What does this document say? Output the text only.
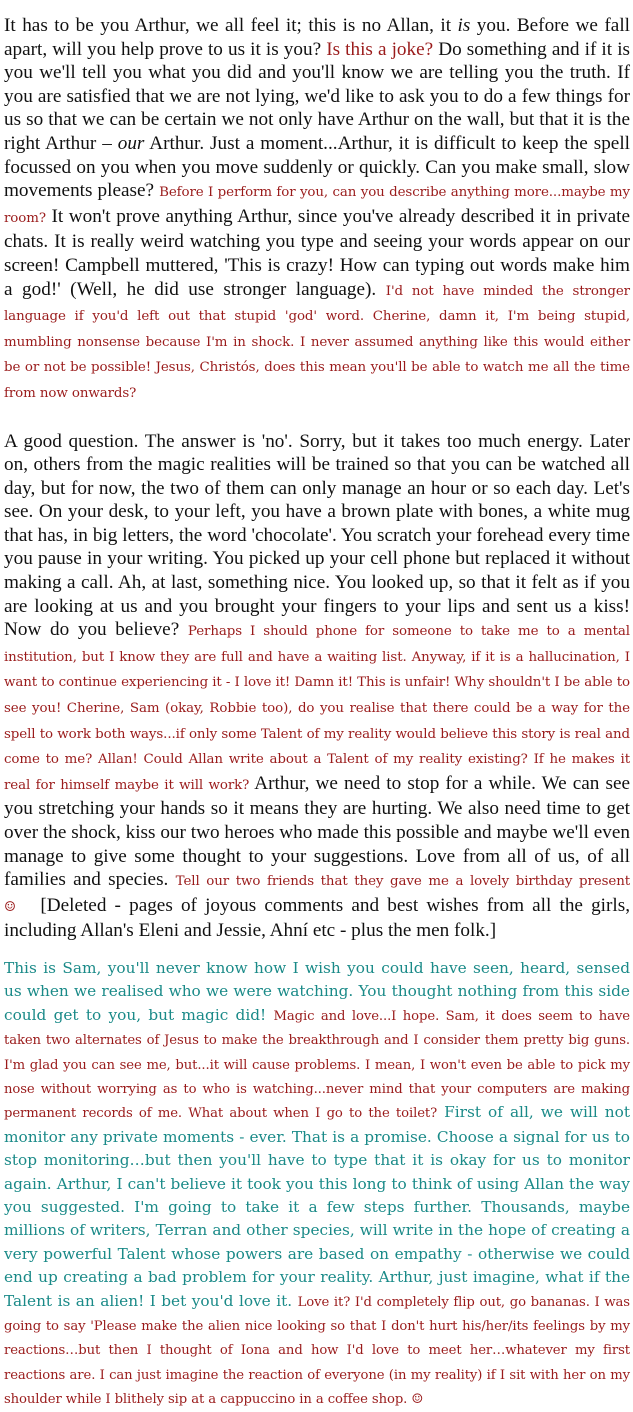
It has to be you Arthur, we all feel it; this is no Allan, it is you. Before we fall apart, will you help prove to us it is you? Is this a joke? Do something and if it is you we'll tell you what you did and you'll know we are telling you the truth. If you are satisfied that we are not lying, we'd like to ask you to do a few things for us so that we can be certain we not only have Arthur on the wall, but that it is the right Arthur – our Arthur. Just a moment...Arthur, it is difficult to keep the spell focussed on you when you move suddenly or quickly. Can you make small, slow movements please? Before I perform for you, can you describe anything more...maybe my room? It won't prove anything Arthur, since you've already described it in private chats. It is really weird watching you type and seeing your words appear on our screen! Campbell muttered, 'This is crazy! How can typing out words make him a god!' (Well, he did use stronger language). I'd not have minded the stronger language if you'd left out that stupid 'god' word. Cherine, damn it, I'm being stupid, mumbling nonsense because I'm in shock. I never assumed anything like this would either be or not be possible! Jesus, Christós, does this mean you'll be able to watch me all the time from now onwards?

A good question. The answer is 'no'. Sorry, but it takes too much energy. Later on, others from the magic realities will be trained so that you can be watched all day, but for now, the two of them can only manage an hour or so each day. Let's see. On your desk, to your left, you have a brown plate with bones, a white mug that has, in big letters, the word 'chocolate'. You scratch your forehead every time you pause in your writing. You picked up your cell phone but replaced it without making a call. Ah, at last, something nice. You looked up, so that it felt as if you are looking at us and you brought your fingers to your lips and sent us a kiss! Now do you believe? Perhaps I should phone for someone to take me to a mental institution, but I know they are full and have a waiting list. Anyway, if it is a hallucination, I want to continue experiencing it - I love it! Damn it! This is unfair! Why shouldn't I be able to see you! Cherine, Sam (okay, Robbie too), do you realise that there could be a way for the spell to work both ways...if only some Talent of my reality would believe this story is real and come to me? Allan! Could Allan write about a Talent of my reality existing? If he makes it real for himself maybe it will work? Arthur, we need to stop for a while. We can see you stretching your hands so it means they are hurting. We also need time to get over the shock, kiss our two heroes who made this possible and maybe we'll even manage to give some thought to your suggestions. Love from all of us, of all families and species. Tell our two friends that they gave me a lovely birthday present ☺   [Deleted - pages of joyous comments and best wishes from all the girls, including Allan's Eleni and Jessie, Ahní etc - plus the men folk.]

This is Sam, you'll never know how I wish you could have seen, heard, sensed us when we realised who we were watching. You thought nothing from this side could get to you, but magic did! Magic and love...I hope. Sam, it does seem to have taken two alternates of Jesus to make the breakthrough and I consider them pretty big guns. I'm glad you can see me, but...it will cause problems. I mean, I won't even be able to pick my nose without worrying as to who is watching...never mind that your computers are making permanent records of me. What about when I go to the toilet? First of all, we will not monitor any private moments - ever. That is a promise. Choose a signal for us to stop monitoring…but then you'll have to type that it is okay for us to monitor again. Arthur, I can't believe it took you this long to think of using Allan the way you suggested. I'm going to take it a few steps further. Thousands, maybe millions of writers, Terran and other species, will write in the hope of creating a very powerful Talent whose powers are based on empathy - otherwise we could end up creating a bad problem for your reality. Arthur, just imagine, what if the Talent is an alien! I bet you'd love it. Love it? I'd completely flip out, go bananas. I was going to say 'Please make the alien nice looking so that I don't hurt his/her/its feelings by my reactions…but then I thought of Iona and how I'd love to meet her…whatever my first reactions are. I can just imagine the reaction of everyone (in my reality) if I sit with her on my shoulder while I blithely sip at a cappuccino in a coffee shop. ☺
